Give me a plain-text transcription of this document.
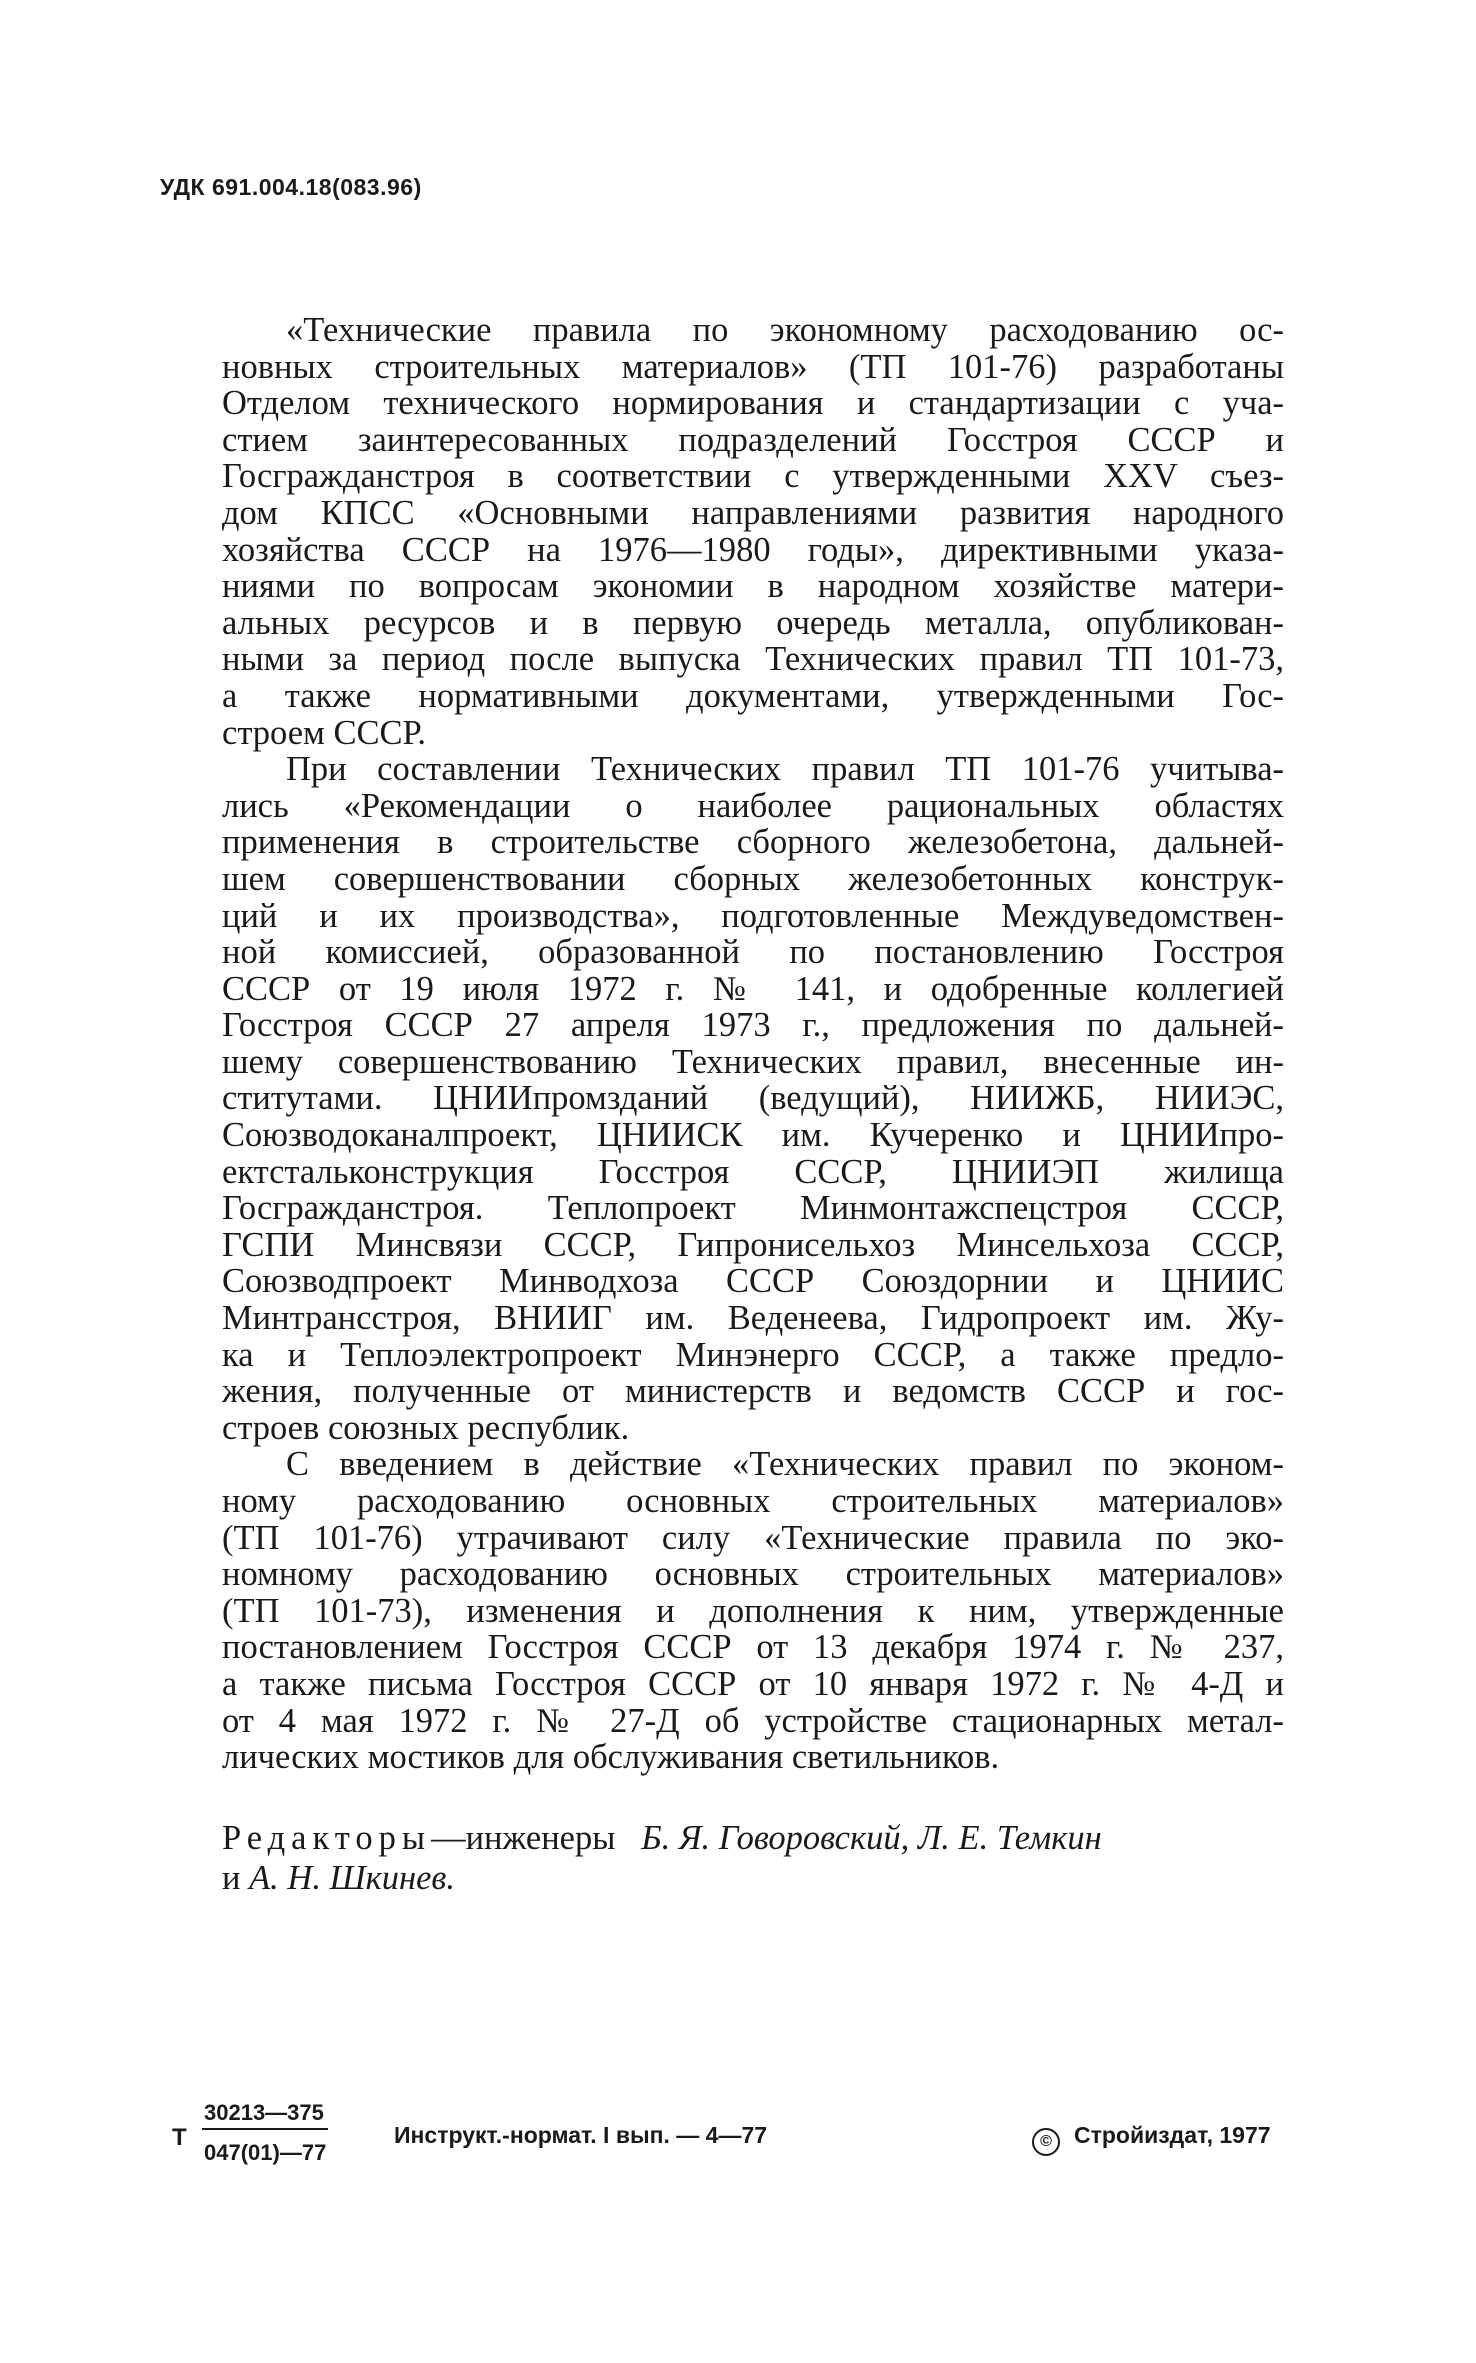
УДК 691.004.18(083.96)
«Технические правила по экономному расходованию ос-
новных строительных материалов» (ТП 101-76) разработаны
Отделом технического нормирования и стандартизации с уча-
стием заинтересованных подразделений Госстроя СССР и
Госгражданстроя в соответствии с утвержденными XXV съез-
дом КПСС «Основными направлениями развития народного
хозяйства СССР на 1976—1980 годы», директивными указа-
ниями по вопросам экономии в народном хозяйстве матери-
альных ресурсов и в первую очередь металла, опубликован-
ными за период после выпуска Технических правил ТП 101-73,
а также нормативными документами, утвержденными Гос-
строем СССР.
При составлении Технических правил ТП 101-76 учитыва-
лись «Рекомендации о наиболее рациональных областях
применения в строительстве сборного железобетона, дальней-
шем совершенствовании сборных железобетонных конструк-
ций и их производства», подготовленные Междуведомствен-
ной комиссией, образованной по постановлению Госстроя
СССР от 19 июля 1972 г. № 141, и одобренные коллегией
Госстроя СССР 27 апреля 1973 г., предложения по дальней-
шему совершенствованию Технических правил, внесенные ин-
ститутами. ЦНИИпромзданий (ведущий), НИИЖБ, НИИЭС,
Союзводоканалпроект, ЦНИИСК им. Кучеренко и ЦНИИпро-
ектстальконструкция Госстроя СССР, ЦНИИЭП жилища
Госгражданстроя. Теплопроект Минмонтажспецстроя СССР,
ГСПИ Минсвязи СССР, Гипронисельхоз Минсельхоза СССР,
Союзводпроект Минводхоза СССР Союздорнии и ЦНИИС
Минтрансстроя, ВНИИГ им. Веденеева, Гидропроект им. Жу-
ка и Теплоэлектропроект Минэнерго СССР, а также предло-
жения, полученные от министерств и ведомств СССР и гос-
строев союзных республик.
С введением в действие «Технических правил по эконом-
ному расходованию основных строительных материалов»
(ТП 101-76) утрачивают силу «Технические правила по эко-
номному расходованию основных строительных материалов»
(ТП 101-73), изменения и дополнения к ним, утвержденные
постановлением Госстроя СССР от 13 декабря 1974 г. № 237,
а также письма Госстроя СССР от 10 января 1972 г. № 4-Д и
от 4 мая 1972 г. № 27-Д об устройстве стационарных метал-
лических мостиков для обслуживания светильников.
Редакторы—инженеры Б. Я. Говоровский, Л. Е. Темкин
и А. Н. Шкинев.
Т
30213—375
047(01)—77
Инструкт.-нормат. I вып. — 4—77	© Стройиздат, 1977
